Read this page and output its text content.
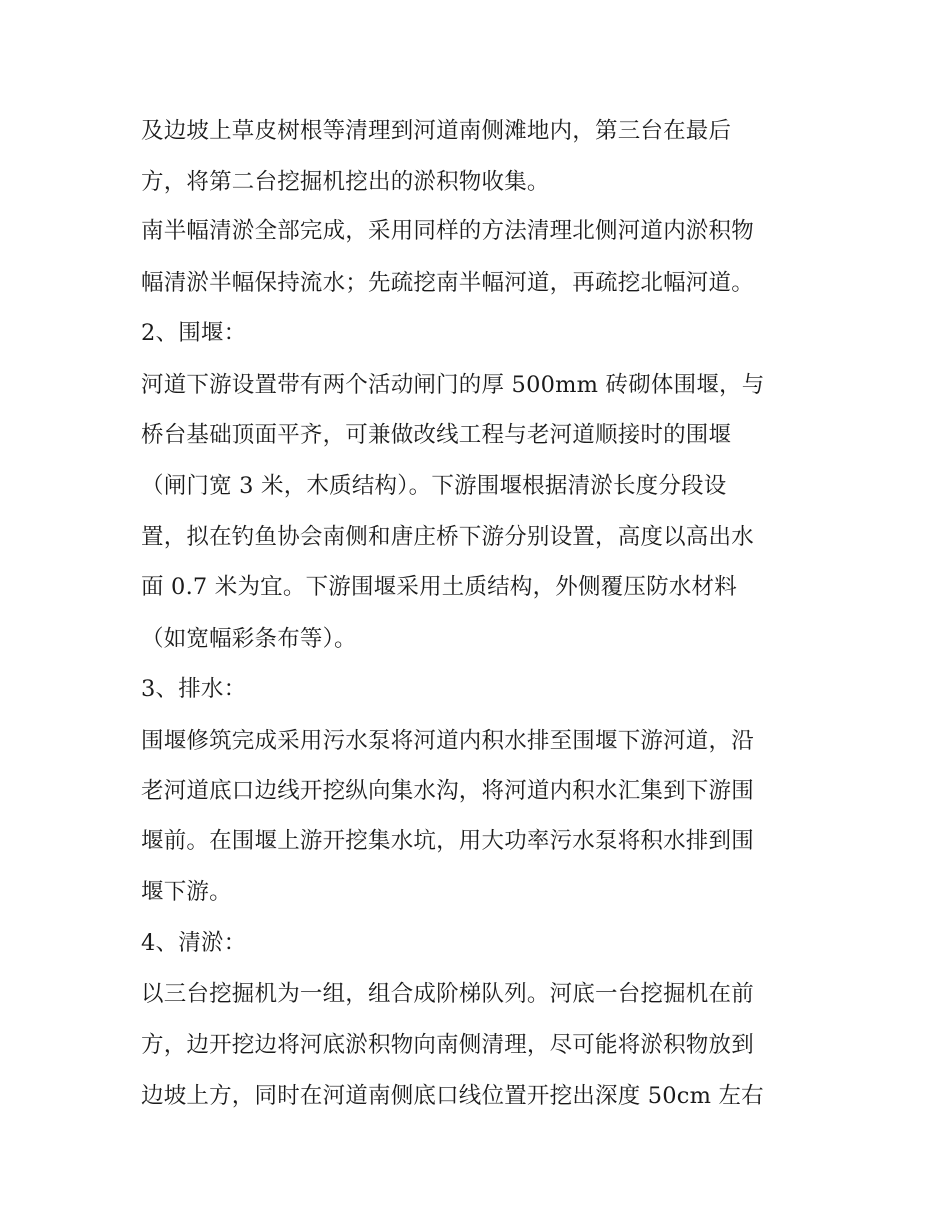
及边坡上草皮树根等清理到河道南侧滩地内，第三台在最后
方，将第二台挖掘机挖出的淤积物收集。
南半幅清淤全部完成，采用同样的方法清理北侧河道内淤积物
幅清淤半幅保持流水；先疏挖南半幅河道，再疏挖北幅河道。
2、围堰：
河道下游设置带有两个活动闸门的厚 500mm 砖砌体围堰，与
桥台基础顶面平齐，可兼做改线工程与老河道顺接时的围堰
（闸门宽 3 米，木质结构）。下游围堰根据清淤长度分段设
置，拟在钓鱼协会南侧和唐庄桥下游分别设置，高度以高出水
面 0.7 米为宜。下游围堰采用土质结构，外侧覆压防水材料
（如宽幅彩条布等）。
3、排水：
围堰修筑完成采用污水泵将河道内积水排至围堰下游河道，沿
老河道底口边线开挖纵向集水沟，将河道内积水汇集到下游围
堰前。在围堰上游开挖集水坑，用大功率污水泵将积水排到围
堰下游。
4、清淤：
以三台挖掘机为一组，组合成阶梯队列。河底一台挖掘机在前
方，边开挖边将河底淤积物向南侧清理，尽可能将淤积物放到
边坡上方，同时在河道南侧底口线位置开挖出深度 50cm 左右
